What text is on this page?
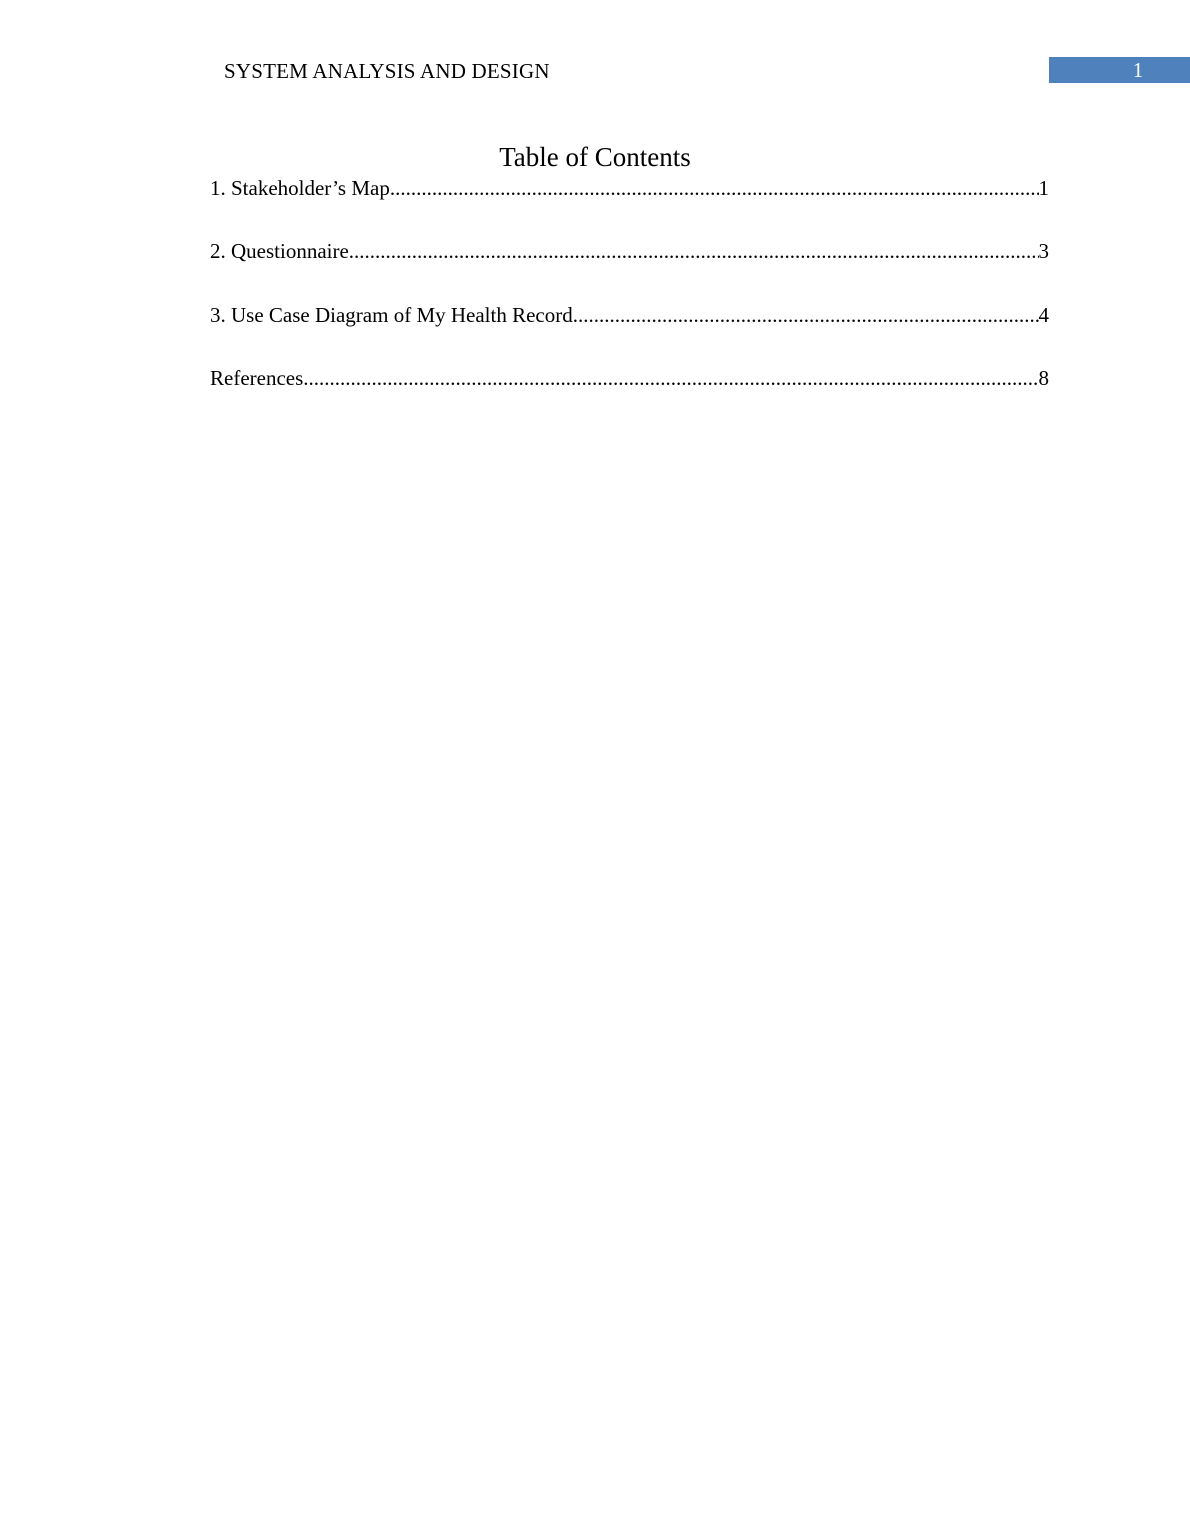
SYSTEM ANALYSIS AND DESIGN	1
Table of Contents
1. Stakeholder’s Map .....	1
2. Questionnaire .....	3
3. Use Case Diagram of My Health Record .....	4
References .....	8
